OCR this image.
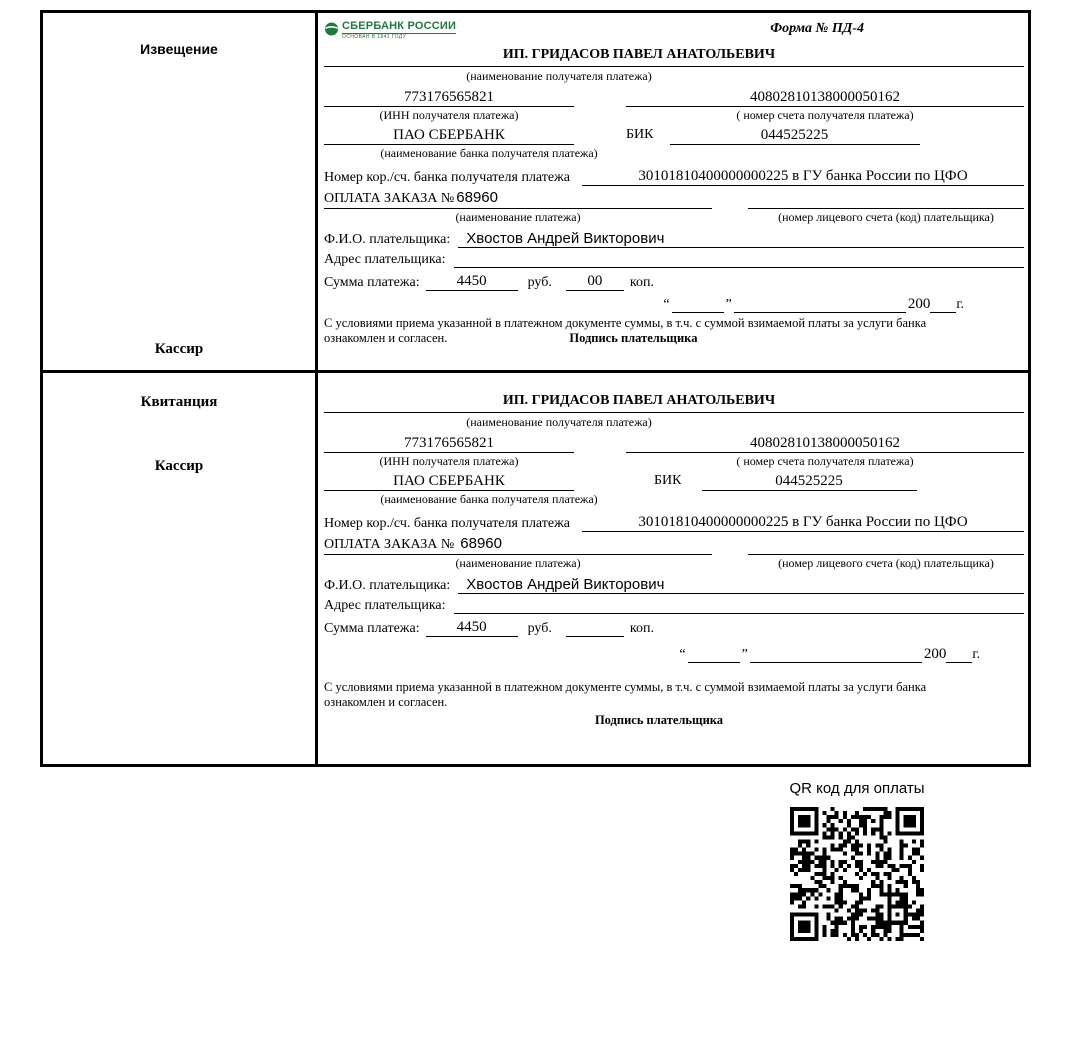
Извещение
Кассир
СБЕРБАНК РОССИИ
ОСНОВАН В 1841 ГОДУ
Форма № ПД-4
ИП. ГРИДАСОВ ПАВЕЛ АНАТОЛЬЕВИЧ
(наименование получателя платежа)
773176565821	40802810138000050162
(ИНН получателя платежа)	( номер счета получателя платежа)
ПАО СБЕРБАНК	БИК	044525225
(наименование банка получателя платежа)
Номер кор./сч. банка получателя платежа	30101810400000000225 в ГУ банка России по ЦФО
ОПЛАТА ЗАКАЗА № 68960
(наименование платежа)	(номер лицевого счета (код) плательщика)
Ф.И.О. плательщика:	Хвостов Андрей Викторович
Адрес плательщика:
Сумма платежа:	4450	руб.	00	коп.
“	”	200 г.
С условиями приема указанной в платежном документе суммы, в т.ч. с суммой взимаемой платы за услуги банка
ознакомлен и согласен.	Подпись плательщика
Квитанция
Кассир
ИП. ГРИДАСОВ ПАВЕЛ АНАТОЛЬЕВИЧ
(наименование получателя платежа)
773176565821	40802810138000050162
(ИНН получателя платежа)	( номер счета получателя платежа)
ПАО СБЕРБАНК	БИК	044525225
(наименование банка получателя платежа)
Номер кор./сч. банка получателя платежа	30101810400000000225 в ГУ банка России по ЦФО
ОПЛАТА ЗАКАЗА № 68960
(наименование платежа)	(номер лицевого счета (код) плательщика)
Ф.И.О. плательщика:	Хвостов Андрей Викторович
Адрес плательщика:
Сумма платежа:	4450	руб.	коп.
“	”	200 г.
С условиями приема указанной в платежном документе суммы, в т.ч. с суммой взимаемой платы за услуги банка
ознакомлен и согласен.
Подпись плательщика
QR код для оплаты
